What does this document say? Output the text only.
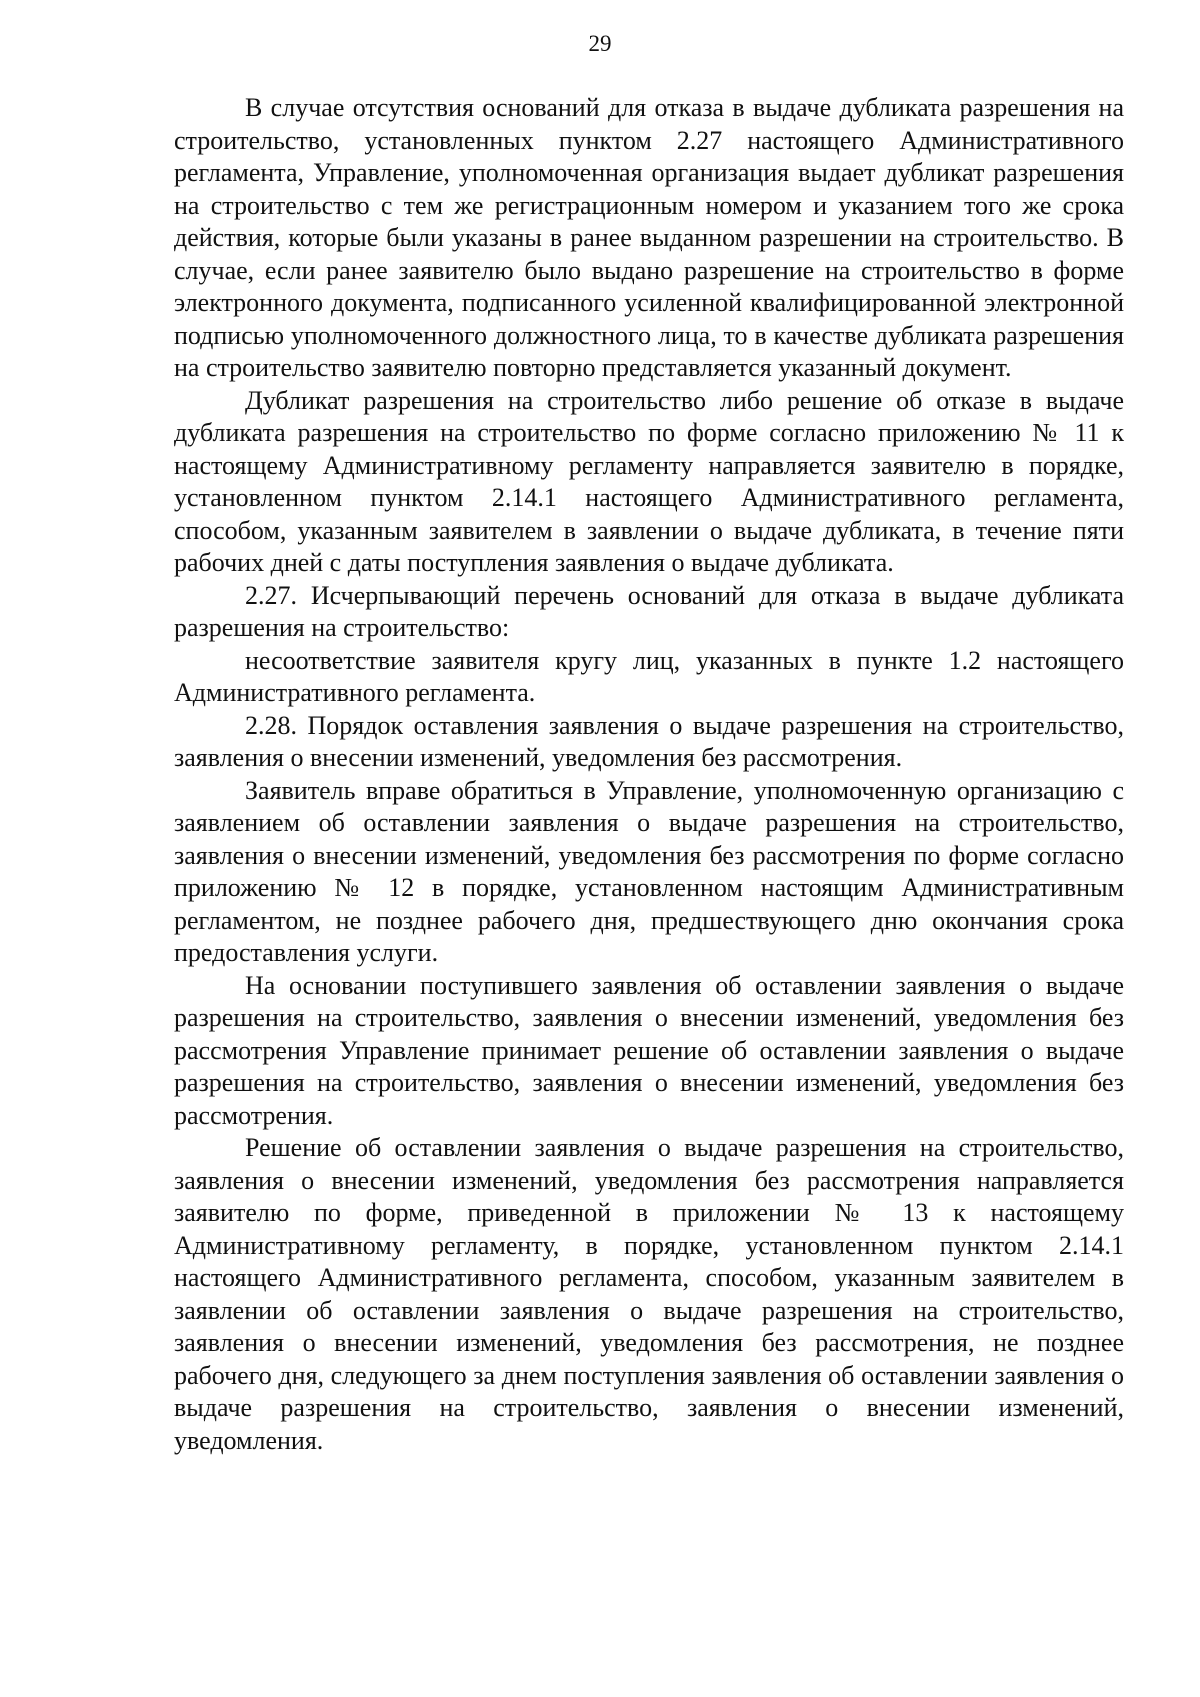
29

В случае отсутствия оснований для отказа в выдаче дубликата разрешения на строительство, установленных пунктом 2.27 настоящего Административного регламента, Управление, уполномоченная организация выдает дубликат разрешения на строительство с тем же регистрационным номером и указанием того же срока действия, которые были указаны в ранее выданном разрешении на строительство. В случае, если ранее заявителю было выдано разрешение на строительство в форме электронного документа, подписанного усиленной квалифицированной электронной подписью уполномоченного должностного лица, то в качестве дубликата разрешения на строительство заявителю повторно представляется указанный документ.

Дубликат разрешения на строительство либо решение об отказе в выдаче дубликата разрешения на строительство по форме согласно приложению № 11 к настоящему Административному регламенту направляется заявителю в порядке, установленном пунктом 2.14.1 настоящего Административного регламента, способом, указанным заявителем в заявлении о выдаче дубликата, в течение пяти рабочих дней с даты поступления заявления о выдаче дубликата.

2.27. Исчерпывающий перечень оснований для отказа в выдаче дубликата разрешения на строительство:

несоответствие заявителя кругу лиц, указанных в пункте 1.2 настоящего Административного регламента.

2.28. Порядок оставления заявления о выдаче разрешения на строительство, заявления о внесении изменений, уведомления без рассмотрения.

Заявитель вправе обратиться в Управление, уполномоченную организацию с заявлением об оставлении заявления о выдаче разрешения на строительство, заявления о внесении изменений, уведомления без рассмотрения по форме согласно приложению № 12 в порядке, установленном настоящим Административным регламентом, не позднее рабочего дня, предшествующего дню окончания срока предоставления услуги.

На основании поступившего заявления об оставлении заявления о выдаче разрешения на строительство, заявления о внесении изменений, уведомления без рассмотрения Управление принимает решение об оставлении заявления о выдаче разрешения на строительство, заявления о внесении изменений, уведомления без рассмотрения.

Решение об оставлении заявления о выдаче разрешения на строительство, заявления о внесении изменений, уведомления без рассмотрения направляется заявителю по форме, приведенной в приложении № 13 к настоящему Административному регламенту, в порядке, установленном пунктом 2.14.1 настоящего Административного регламента, способом, указанным заявителем в заявлении об оставлении заявления о выдаче разрешения на строительство, заявления о внесении изменений, уведомления без рассмотрения, не позднее рабочего дня, следующего за днем поступления заявления об оставлении заявления о выдаче разрешения на строительство, заявления о внесении изменений, уведомления.
